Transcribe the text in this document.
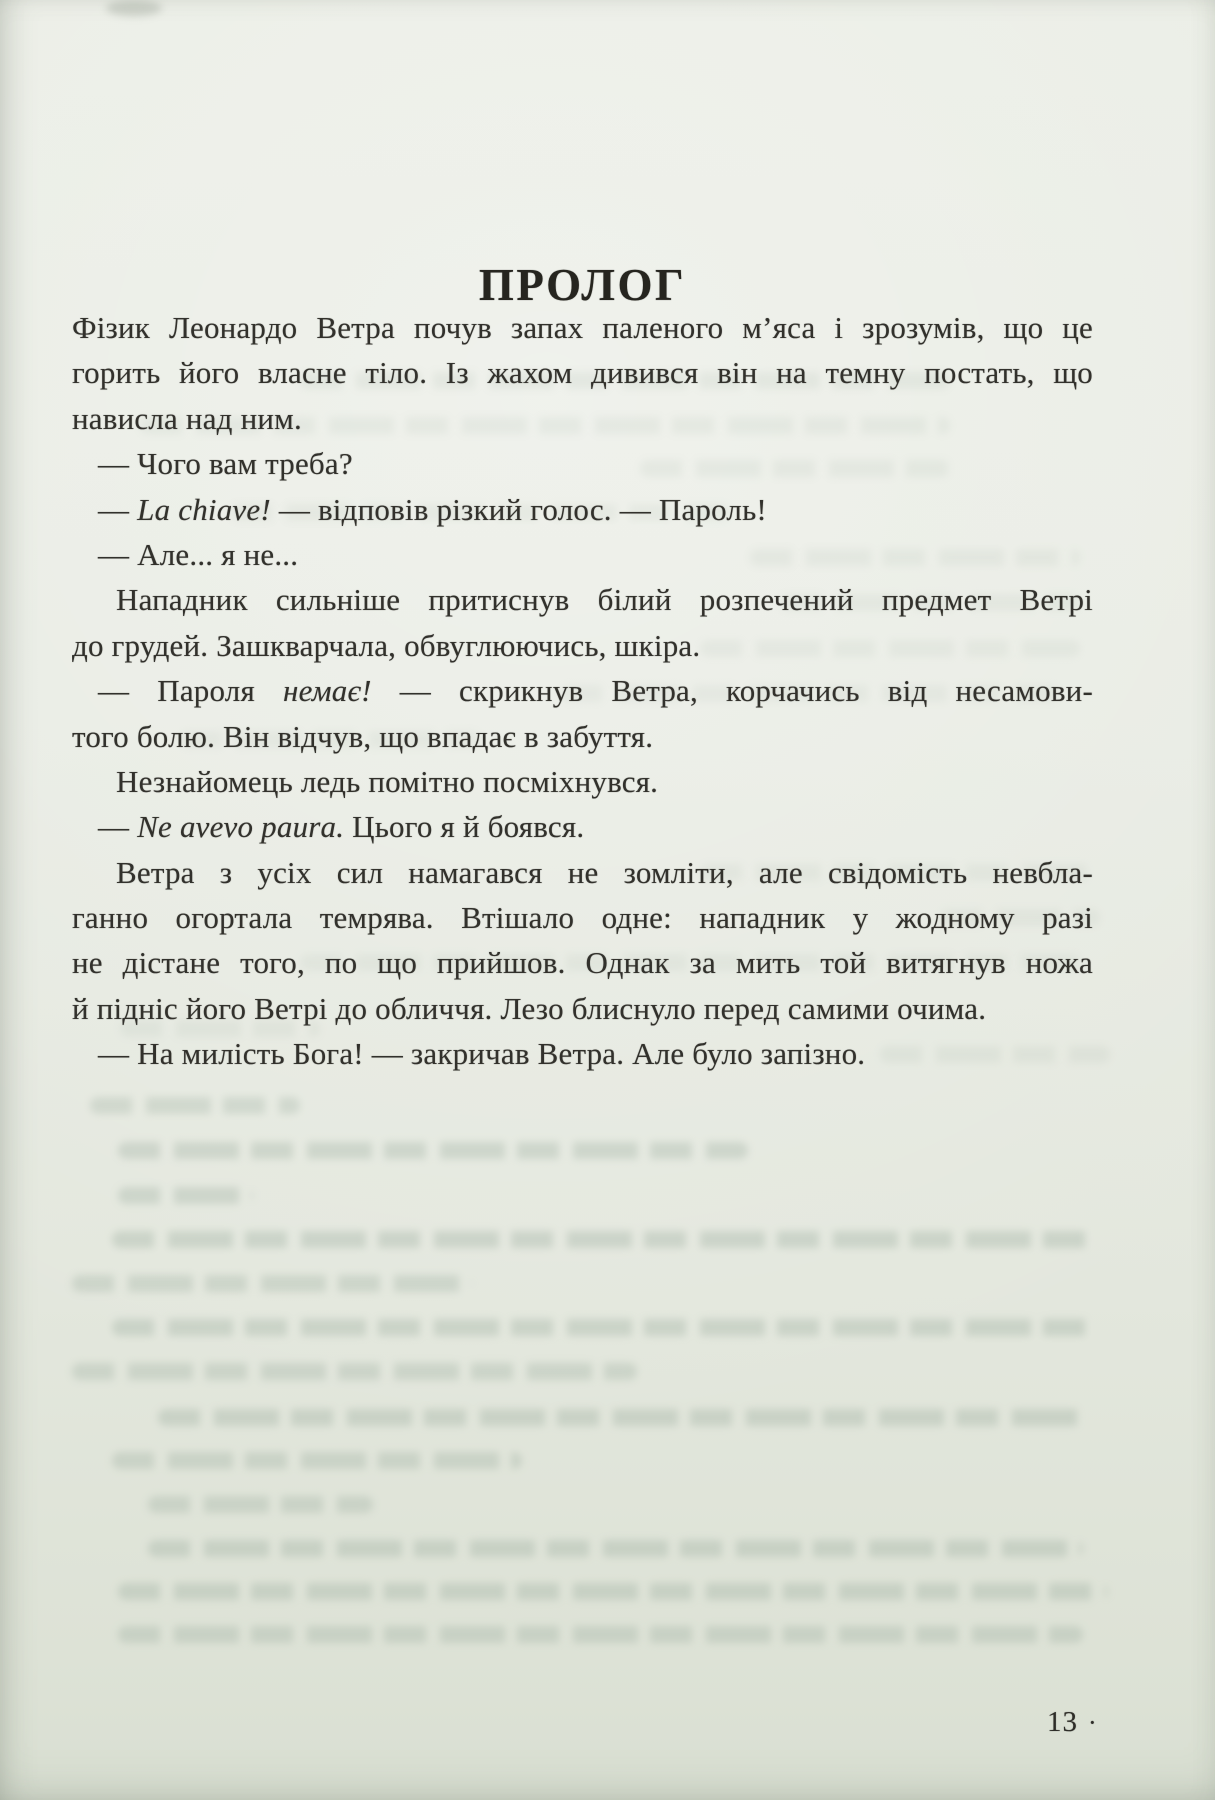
ПРОЛОГ
Фізик Леонардо Ветра почув запах паленого м’яса і зрозумів, що це
горить його власне тіло. Із жахом дивився він на темну постать, що
нависла над ним.
— Чого вам треба?
— La chiave! — відповів різкий голос. — Пароль!
— Але... я не...
Нападник сильніше притиснув білий розпечений предмет Ветрі
до грудей. Зашкварчала, обвуглюючись, шкіра.
— Пароля немає! — скрикнув Ветра, корчачись від несамови-
того болю. Він відчув, що впадає в забуття.
Незнайомець ледь помітно посміхнувся.
— Ne avevo paura. Цього я й боявся.
Ветра з усіх сил намагався не зомліти, але свідомість невбла-
ганно огортала темрява. Втішало одне: нападник у жодному разі
не дістане того, по що прийшов. Однак за мить той витягнув ножа
й підніс його Ветрі до обличчя. Лезо блиснуло перед самими очима.
— На милість Бога! — закричав Ветра. Але було запізно.
13 ·
